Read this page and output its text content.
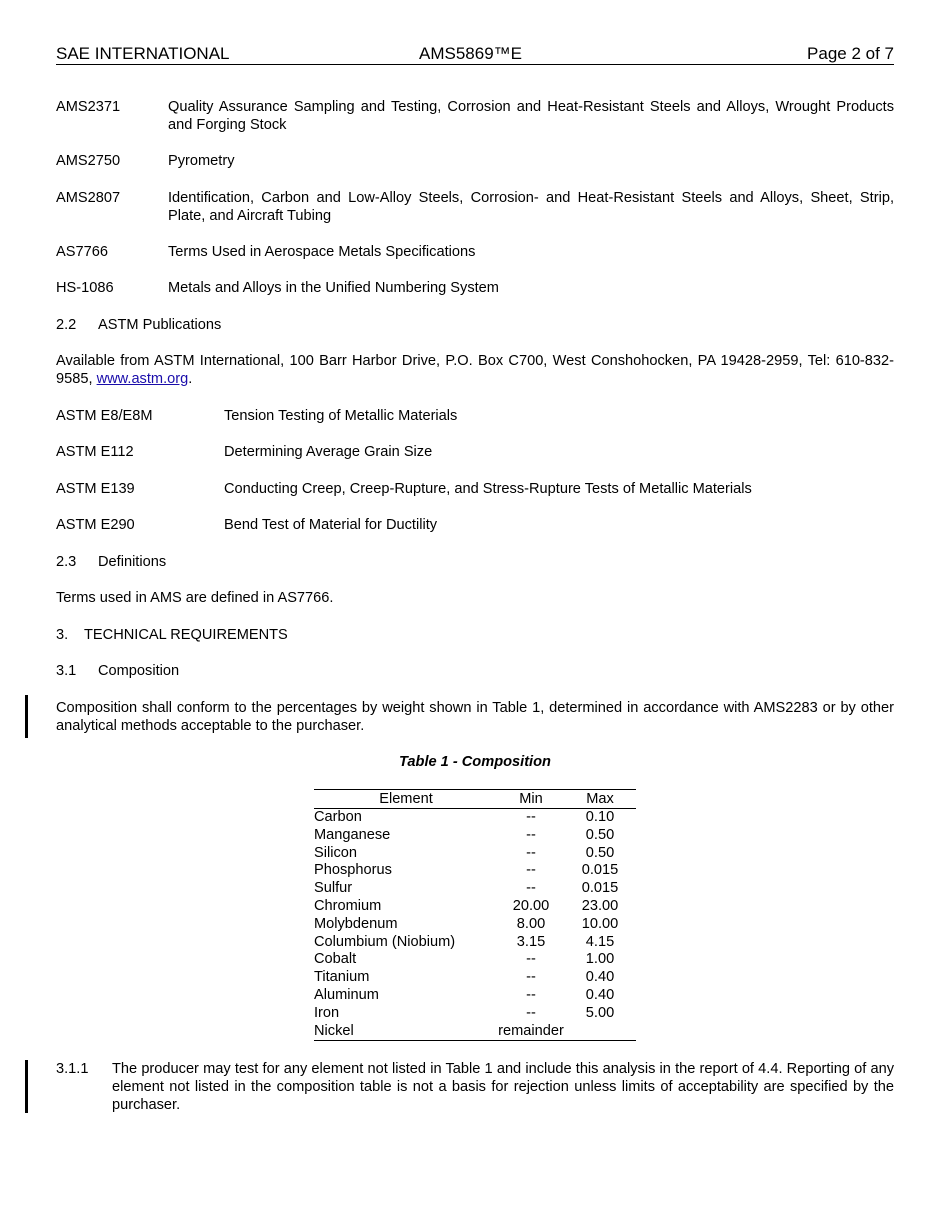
SAE INTERNATIONAL	AMS5869™E	Page 2 of 7
AMS2371	Quality Assurance Sampling and Testing, Corrosion and Heat-Resistant Steels and Alloys, Wrought Products and Forging Stock
AMS2750	Pyrometry
AMS2807	Identification, Carbon and Low-Alloy Steels, Corrosion- and Heat-Resistant Steels and Alloys, Sheet, Strip, Plate, and Aircraft Tubing
AS7766	Terms Used in Aerospace Metals Specifications
HS-1086	Metals and Alloys in the Unified Numbering System
2.2 ASTM Publications
Available from ASTM International, 100 Barr Harbor Drive, P.O. Box C700, West Conshohocken, PA 19428-2959, Tel: 610-832-9585, www.astm.org.
ASTM E8/E8M	Tension Testing of Metallic Materials
ASTM E112	Determining Average Grain Size
ASTM E139	Conducting Creep, Creep-Rupture, and Stress-Rupture Tests of Metallic Materials
ASTM E290	Bend Test of Material for Ductility
2.3 Definitions
Terms used in AMS are defined in AS7766.
3. TECHNICAL REQUIREMENTS
3.1 Composition
Composition shall conform to the percentages by weight shown in Table 1, determined in accordance with AMS2283 or by other analytical methods acceptable to the purchaser.
Table 1 - Composition
Element	Min	Max
Carbon	--	0.10
Manganese	--	0.50
Silicon	--	0.50
Phosphorus	--	0.015
Sulfur	--	0.015
Chromium	20.00	23.00
Molybdenum	8.00	10.00
Columbium (Niobium)	3.15	4.15
Cobalt	--	1.00
Titanium	--	0.40
Aluminum	--	0.40
Iron	--	5.00
Nickel	remainder	
3.1.1 The producer may test for any element not listed in Table 1 and include this analysis in the report of 4.4. Reporting of any element not listed in the composition table is not a basis for rejection unless limits of acceptability are specified by the purchaser.
